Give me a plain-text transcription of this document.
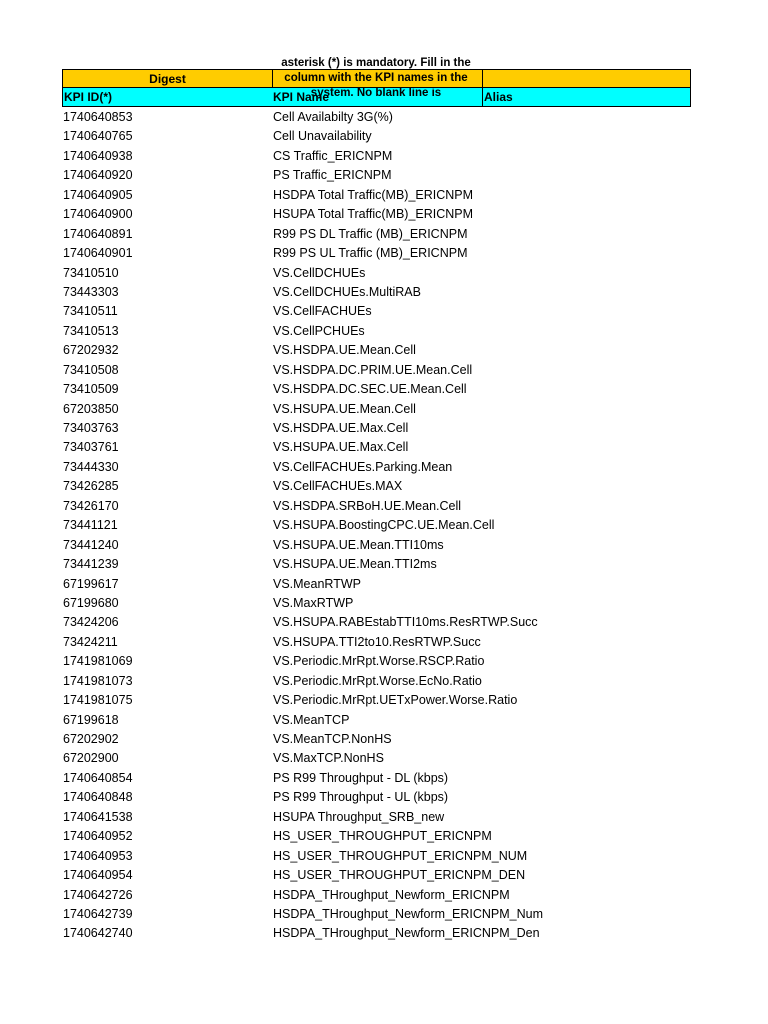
asterisk (*) is mandatory. Fill in the column with the KPI names in the system. No blank line is
Digest
KPI ID(*)	KPI Name	Alias
1740640853	Cell Availabilty 3G(%)
1740640765	Cell Unavailability
1740640938	CS Traffic_ERICNPM
1740640920	PS Traffic_ERICNPM
1740640905	HSDPA Total Traffic(MB)_ERICNPM
1740640900	HSUPA Total Traffic(MB)_ERICNPM
1740640891	R99 PS DL Traffic (MB)_ERICNPM
1740640901	R99 PS UL Traffic (MB)_ERICNPM
73410510	VS.CellDCHUEs
73443303	VS.CellDCHUEs.MultiRAB
73410511	VS.CellFACHUEs
73410513	VS.CellPCHUEs
67202932	VS.HSDPA.UE.Mean.Cell
73410508	VS.HSDPA.DC.PRIM.UE.Mean.Cell
73410509	VS.HSDPA.DC.SEC.UE.Mean.Cell
67203850	VS.HSUPA.UE.Mean.Cell
73403763	VS.HSDPA.UE.Max.Cell
73403761	VS.HSUPA.UE.Max.Cell
73444330	VS.CellFACHUEs.Parking.Mean
73426285	VS.CellFACHUEs.MAX
73426170	VS.HSDPA.SRBoH.UE.Mean.Cell
73441121	VS.HSUPA.BoostingCPC.UE.Mean.Cell
73441240	VS.HSUPA.UE.Mean.TTI10ms
73441239	VS.HSUPA.UE.Mean.TTI2ms
67199617	VS.MeanRTWP
67199680	VS.MaxRTWP
73424206	VS.HSUPA.RABEstabTTI10ms.ResRTWP.Succ
73424211	VS.HSUPA.TTI2to10.ResRTWP.Succ
1741981069	VS.Periodic.MrRpt.Worse.RSCP.Ratio
1741981073	VS.Periodic.MrRpt.Worse.EcNo.Ratio
1741981075	VS.Periodic.MrRpt.UETxPower.Worse.Ratio
67199618	VS.MeanTCP
67202902	VS.MeanTCP.NonHS
67202900	VS.MaxTCP.NonHS
1740640854	PS R99 Throughput - DL (kbps)
1740640848	PS R99 Throughput - UL (kbps)
1740641538	HSUPA Throughput_SRB_new
1740640952	HS_USER_THROUGHPUT_ERICNPM
1740640953	HS_USER_THROUGHPUT_ERICNPM_NUM
1740640954	HS_USER_THROUGHPUT_ERICNPM_DEN
1740642726	HSDPA_THroughput_Newform_ERICNPM
1740642739	HSDPA_THroughput_Newform_ERICNPM_Num
1740642740	HSDPA_THroughput_Newform_ERICNPM_Den
